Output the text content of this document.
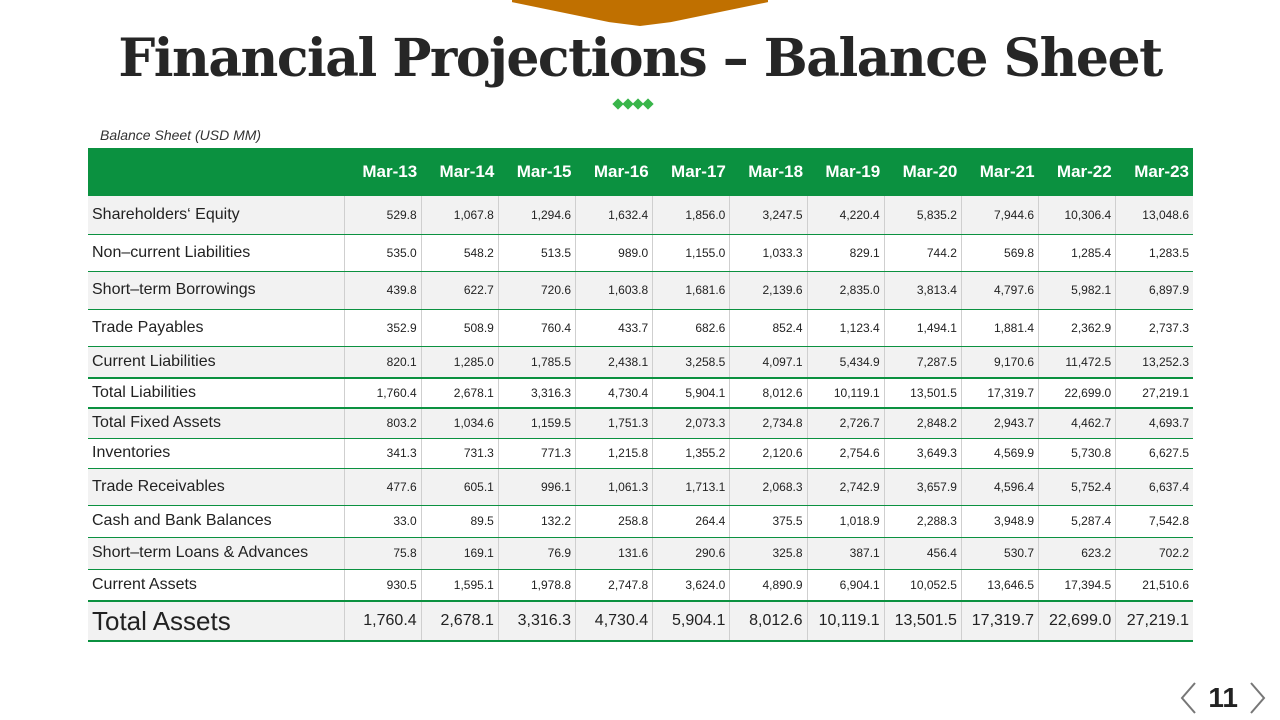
Financial Projections – Balance Sheet
Balance Sheet (USD MM)
	Mar-13	Mar-14	Mar-15	Mar-16	Mar-17	Mar-18	Mar-19	Mar-20	Mar-21	Mar-22	Mar-23
Shareholders‘ Equity	529.8	1,067.8	1,294.6	1,632.4	1,856.0	3,247.5	4,220.4	5,835.2	7,944.6	10,306.4	13,048.6
Non–current Liabilities	535.0	548.2	513.5	989.0	1,155.0	1,033.3	829.1	744.2	569.8	1,285.4	1,283.5
Short–term Borrowings	439.8	622.7	720.6	1,603.8	1,681.6	2,139.6	2,835.0	3,813.4	4,797.6	5,982.1	6,897.9
Trade Payables	352.9	508.9	760.4	433.7	682.6	852.4	1,123.4	1,494.1	1,881.4	2,362.9	2,737.3
Current Liabilities	820.1	1,285.0	1,785.5	2,438.1	3,258.5	4,097.1	5,434.9	7,287.5	9,170.6	11,472.5	13,252.3
Total Liabilities	1,760.4	2,678.1	3,316.3	4,730.4	5,904.1	8,012.6	10,119.1	13,501.5	17,319.7	22,699.0	27,219.1
Total Fixed Assets	803.2	1,034.6	1,159.5	1,751.3	2,073.3	2,734.8	2,726.7	2,848.2	2,943.7	4,462.7	4,693.7
Inventories	341.3	731.3	771.3	1,215.8	1,355.2	2,120.6	2,754.6	3,649.3	4,569.9	5,730.8	6,627.5
Trade Receivables	477.6	605.1	996.1	1,061.3	1,713.1	2,068.3	2,742.9	3,657.9	4,596.4	5,752.4	6,637.4
Cash and Bank Balances	33.0	89.5	132.2	258.8	264.4	375.5	1,018.9	2,288.3	3,948.9	5,287.4	7,542.8
Short–term Loans & Advances	75.8	169.1	76.9	131.6	290.6	325.8	387.1	456.4	530.7	623.2	702.2
Current Assets	930.5	1,595.1	1,978.8	2,747.8	3,624.0	4,890.9	6,904.1	10,052.5	13,646.5	17,394.5	21,510.6
Total Assets	1,760.4	2,678.1	3,316.3	4,730.4	5,904.1	8,012.6	10,119.1	13,501.5	17,319.7	22,699.0	27,219.1
11
